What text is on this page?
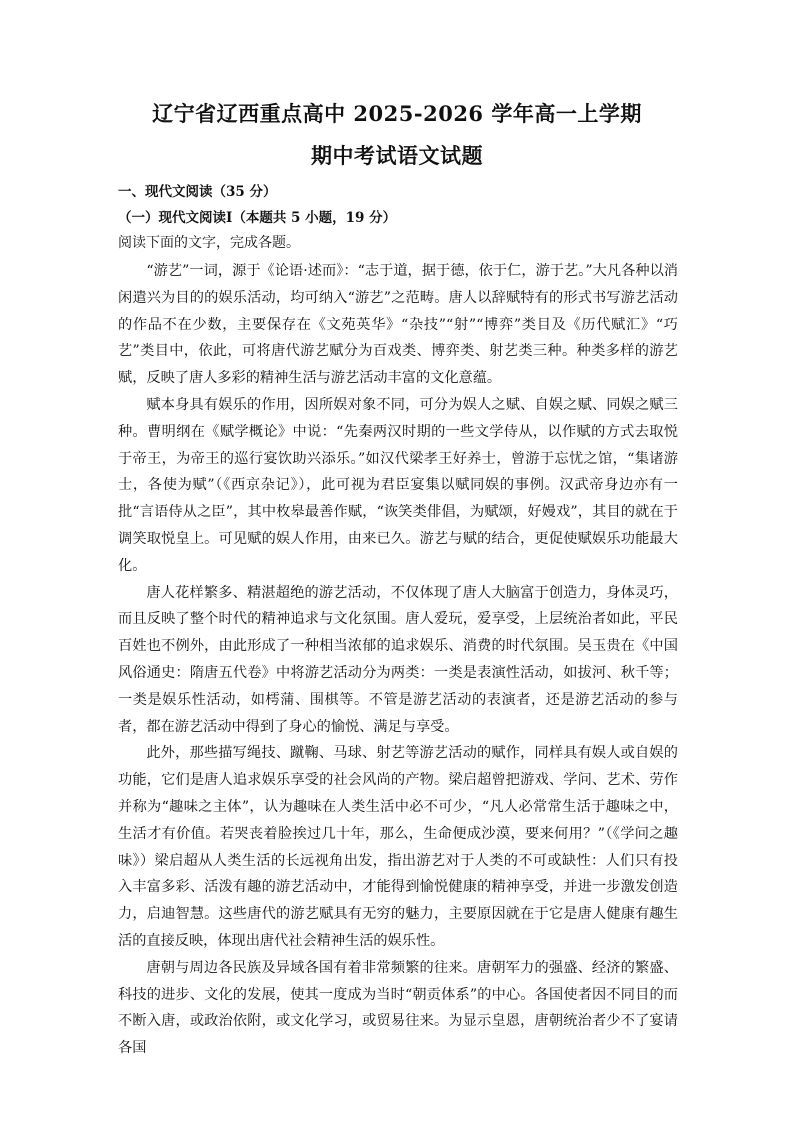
辽宁省辽西重点高中 2025-2026 学年高一上学期
期中考试语文试题
一、现代文阅读（35 分）
（一）现代文阅读Ⅰ（本题共 5 小题，19 分）
阅读下面的文字，完成各题。

“游艺”一词，源于《论语·述而》：“志于道，据于德，依于仁，游于艺。”大凡各种以消闲遣兴为目的的娱乐活动，均可纳入“游艺”之范畴。唐人以辞赋特有的形式书写游艺活动的作品不在少数，主要保存在《文苑英华》“杂技”“射”“博弈”类目及《历代赋汇》“巧艺”类目中，依此，可将唐代游艺赋分为百戏类、博弈类、射艺类三种。种类多样的游艺赋，反映了唐人多彩的精神生活与游艺活动丰富的文化意蕴。

赋本身具有娱乐的作用，因所娱对象不同，可分为娱人之赋、自娱之赋、同娱之赋三种。曹明纲在《赋学概论》中说：“先秦两汉时期的一些文学侍从，以作赋的方式去取悦于帝王，为帝王的巡行宴饮助兴添乐。”如汉代梁孝王好养士，曾游于忘忧之馆，“集诸游士，各使为赋”（《西京杂记》），此可视为君臣宴集以赋同娱的事例。汉武帝身边亦有一批“言语侍从之臣”，其中枚皋最善作赋，“诙笑类俳倡，为赋颂，好嫚戏”，其目的就在于调笑取悦皇上。可见赋的娱人作用，由来已久。游艺与赋的结合，更促使赋娱乐功能最大化。

唐人花样繁多、精湛超绝的游艺活动，不仅体现了唐人大脑富于创造力，身体灵巧，而且反映了整个时代的精神追求与文化氛围。唐人爱玩，爱享受，上层统治者如此，平民百姓也不例外，由此形成了一种相当浓郁的追求娱乐、消费的时代氛围。吴玉贵在《中国风俗通史：隋唐五代卷》中将游艺活动分为两类：一类是表演性活动，如拔河、秋千等；一类是娱乐性活动，如樗蒲、围棋等。不管是游艺活动的表演者，还是游艺活动的参与者，都在游艺活动中得到了身心的愉悦、满足与享受。

此外，那些描写绳技、蹴鞠、马球、射艺等游艺活动的赋作，同样具有娱人或自娱的功能，它们是唐人追求娱乐享受的社会风尚的产物。梁启超曾把游戏、学问、艺术、劳作并称为“趣味之主体”，认为趣味在人类生活中必不可少，“凡人必常常生活于趣味之中，生活才有价值。若哭丧着脸挨过几十年，那么，生命便成沙漠，要来何用？”（《学问之趣味》）梁启超从人类生活的长远视角出发，指出游艺对于人类的不可或缺性：人们只有投入丰富多彩、活泼有趣的游艺活动中，才能得到愉悦健康的精神享受，并进一步激发创造力，启迪智慧。这些唐代的游艺赋具有无穷的魅力，主要原因就在于它是唐人健康有趣生活的直接反映，体现出唐代社会精神生活的娱乐性。

唐朝与周边各民族及异域各国有着非常频繁的往来。唐朝军力的强盛、经济的繁盛、科技的进步、文化的发展，使其一度成为当时“朝贡体系”的中心。各国使者因不同目的而不断入唐，或政治依附，或文化学习，或贸易往来。为显示皇恩，唐朝统治者少不了宴请各国
